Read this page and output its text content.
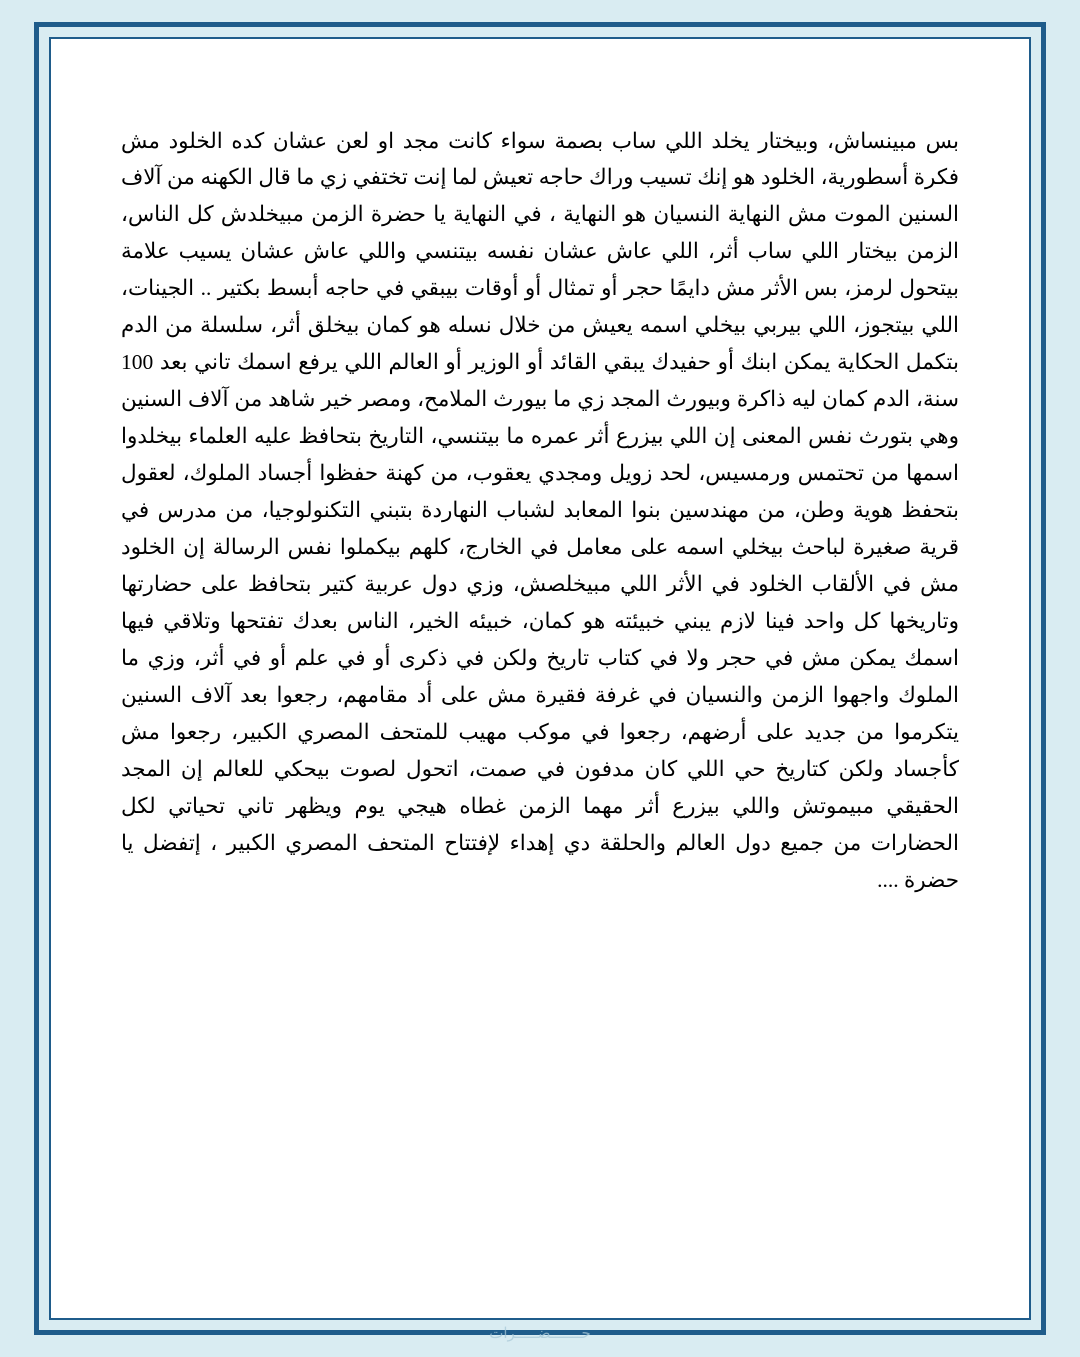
بس مبينساش، وبيختار يخلد اللي ساب بصمة سواء كانت مجد او لعن عشان كده الخلود مش فكرة أسطورية، الخلود هو إنك تسيب وراك حاجه تعيش لما إنت تختفي زي ما قال الكهنه من آلاف السنين الموت مش النهاية النسيان هو النهاية ، في النهاية يا حضرة الزمن مبيخلدش كل الناس، الزمن بيختار اللي ساب أثر، اللي عاش عشان نفسه بيتنسي واللي عاش عشان يسيب علامة بيتحول لرمز، بس الأثر مش دايمًا حجر أو تمثال أو أوقات بيبقي في حاجه أبسط بكتير .. الجينات، اللي بيتجوز، اللي بيربي بيخلي اسمه يعيش من خلال نسله هو كمان بيخلق أثر، سلسلة من الدم بتكمل الحكاية يمكن ابنك أو حفيدك يبقي القائد أو الوزير أو العالم اللي يرفع اسمك تاني بعد 100 سنة، الدم كمان ليه ذاكرة وبيورث المجد زي ما بيورث الملامح، ومصر خير شاهد من آلاف السنين وهي بتورث نفس المعنى إن اللي بيزرع أثر عمره ما بيتنسي، التاريخ بتحافظ عليه العلماء بيخلدوا اسمها من تحتمس ورمسيس، لحد زويل ومجدي يعقوب، من كهنة حفظوا أجساد الملوك، لعقول بتحفظ هوية وطن، من مهندسين بنوا المعابد لشباب النهاردة بتبني التكنولوجيا، من مدرس في قرية صغيرة لباحث بيخلي اسمه على معامل في الخارج، كلهم بيكملوا نفس الرسالة إن الخلود مش في الألقاب الخلود في الأثر اللي مبيخلصش، وزي دول عربية كتير بتحافظ على حضارتها وتاريخها كل واحد فينا لازم يبني خبيئته هو كمان، خبيئه الخير، الناس بعدك تفتحها وتلاقي فيها اسمك يمكن مش في حجر ولا في كتاب تاريخ ولكن في ذكرى أو في علم أو في أثر، وزي ما الملوك واجهوا الزمن والنسيان في غرفة فقيرة مش على أد مقامهم، رجعوا بعد آلاف السنين يتكرموا من جديد على أرضهم، رجعوا في موكب مهيب للمتحف المصري الكبير، رجعوا مش كأجساد ولكن كتاريخ حي اللي كان مدفون في صمت، اتحول لصوت بيحكي للعالم إن المجد الحقيقي مبيموتش واللي بيزرع أثر مهما الزمن غطاه هيجي يوم ويظهر تاني تحياتي لكل الحضارات من جميع دول العالم والحلقة دي إهداء لإفتتاح المتحف المصري الكبير ، إتفضل يا حضرة ....

حـــــــضـــــرات
